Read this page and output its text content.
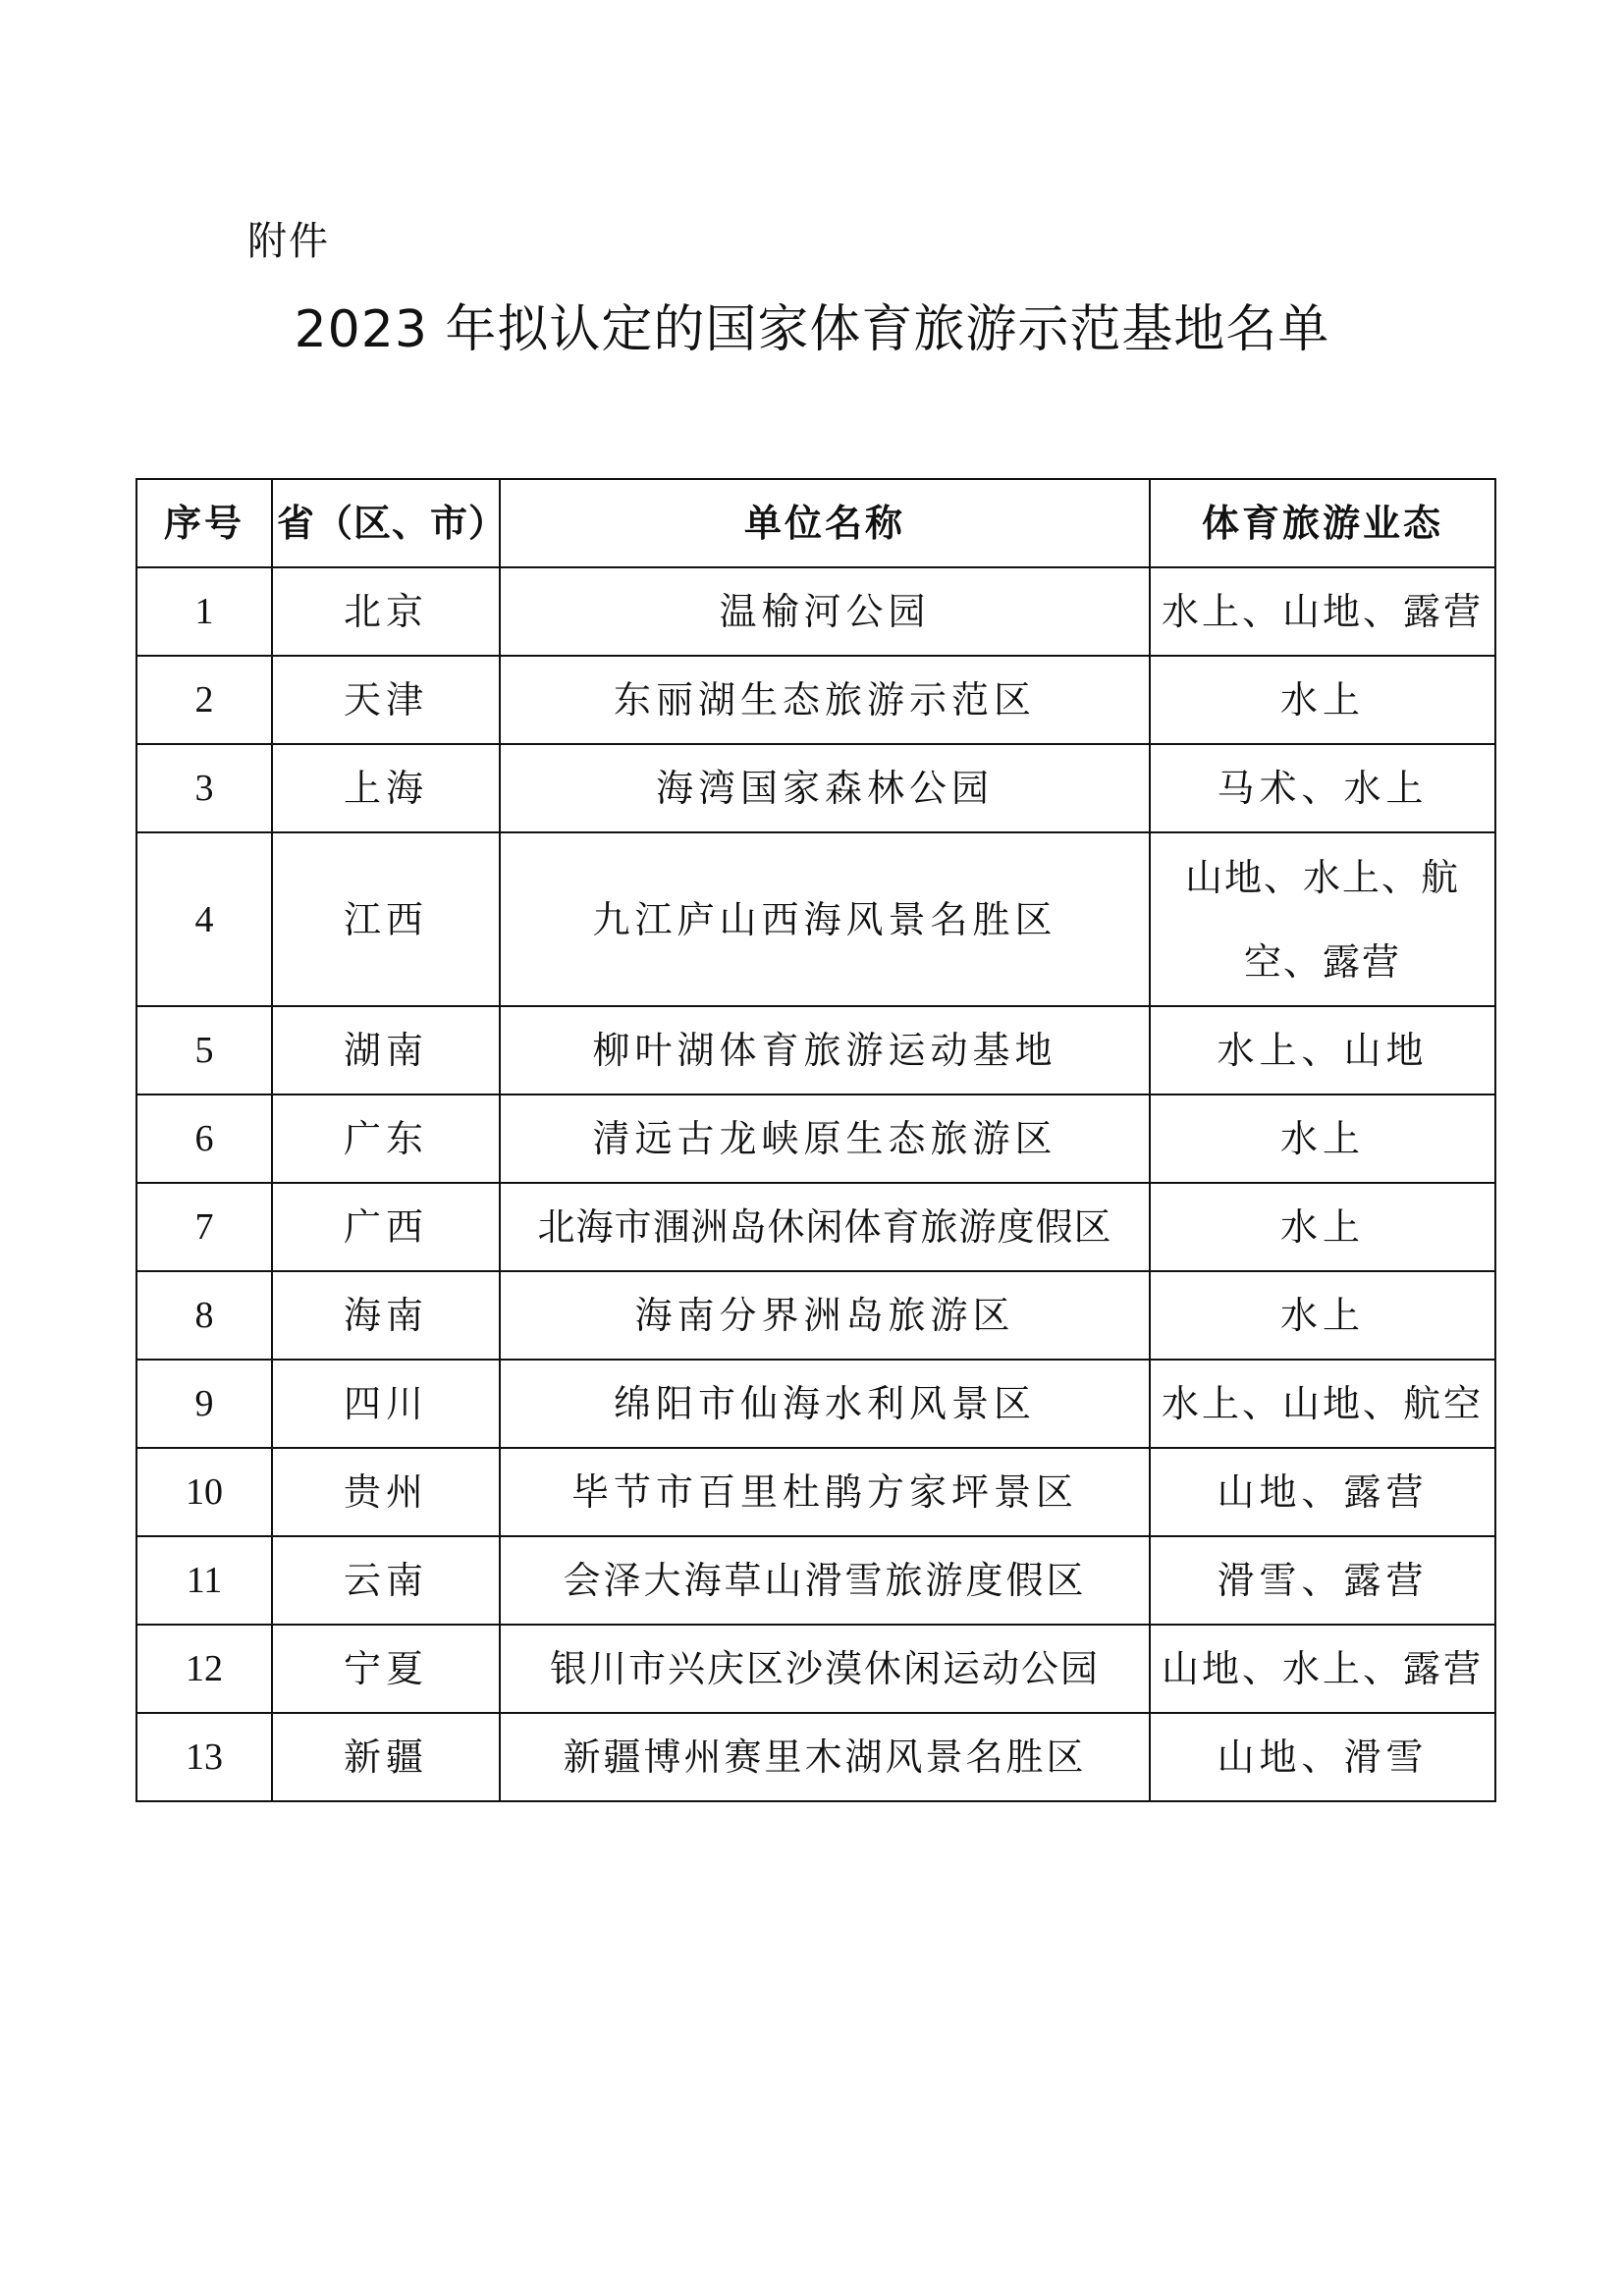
附件
2023 年拟认定的国家体育旅游示范基地名单
序号	省（区、市）	单位名称	体育旅游业态
1	北京	温榆河公园	水上、山地、露营
2	天津	东丽湖生态旅游示范区	水上
3	上海	海湾国家森林公园	马术、水上
4	江西	九江庐山西海风景名胜区	山地、水上、航空、露营
5	湖南	柳叶湖体育旅游运动基地	水上、山地
6	广东	清远古龙峡原生态旅游区	水上
7	广西	北海市涠洲岛休闲体育旅游度假区	水上
8	海南	海南分界洲岛旅游区	水上
9	四川	绵阳市仙海水利风景区	水上、山地、航空
10	贵州	毕节市百里杜鹃方家坪景区	山地、露营
11	云南	会泽大海草山滑雪旅游度假区	滑雪、露营
12	宁夏	银川市兴庆区沙漠休闲运动公园	山地、水上、露营
13	新疆	新疆博州赛里木湖风景名胜区	山地、滑雪
